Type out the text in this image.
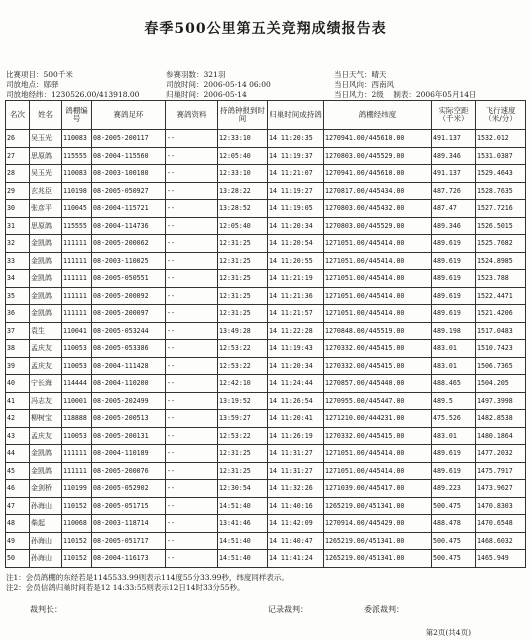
春季500公里第五关竞翔成绩报告表
比赛项目：500千米
司放地点：郧驿
司放地经纬：1230526.00/413918.00
参赛羽数：321羽
司放时间：2006-05-14 06:00
归巢时间：2006-05-14
当日天气：晴天
当日风向：西南风
当日风力：2级 制表：2006年05月14日
名次	姓名	鸽棚编号	赛鸽足环	赛鸽资料	持鸽钟报到时间	归巢时间成持鸽	鸽棚经纬度	实际空距（千米）	飞行速度（米/分）
26	吴玉光	110083	08-2005-200117	--	12:33:10	14 11:20:35	1270941.00/445610.00	491.137	1532.012
27	思原鸽	115555	08-2004-115560	--	12:05:40	14 11:19:37	1270803.00/445529.00	489.346	1531.0387
28	吴玉光	110083	08-2003-100180	--	12:33:10	14 11:21:07	1270941.00/445610.00	491.137	1529.4643
29	玄兆臣	110198	08-2005-050927	--	13:28:22	14 11:19:27	1270817.00/445434.00	487.726	1528.7635
30	张彦平	110045	08-2004-115721	--	13:28:52	14 11:19:05	1270803.00/445432.00	487.47	1527.7216
31	思原鸽	115555	08-2004-114736	--	12:05:40	14 11:20:34	1270803.00/445529.00	489.346	1526.5015
32	金凯鸽	111111	08-2005-200062	--	12:31:25	14 11:20:54	1271051.00/445414.00	489.619	1525.7682
33	金凯鸽	111111	08-2003-110025	--	12:31:25	14 11:20:55	1271051.00/445414.00	489.619	1524.8985
34	金凯鸽	111111	08-2005-050551	--	12:31:25	14 11:21:19	1271051.00/445414.00	489.619	1523.788
35	金凯鸽	111111	08-2005-200092	--	12:31:25	14 11:21:36	1271051.00/445414.00	489.619	1522.4471
36	金凯鸽	111111	08-2005-200097	--	12:31:25	14 11:21:57	1271051.00/445414.00	489.619	1521.4206
37	袁生	110041	08-2005-053244	--	13:49:28	14 11:22:28	1270848.00/445519.00	489.198	1517.0483
38	孟庆友	110053	08-2005-053386	--	12:53:22	14 11:19:43	1270332.00/445415.00	483.01	1510.7423
39	孟庆友	110053	08-2004-111428	--	12:53:22	14 11:20:34	1270332.00/445415.00	483.01	1506.7365
40	宁长海	114444	08-2004-110200	--	12:42:10	14 11:24:44	1270857.00/445440.00	488.465	1504.205
41	冯志友	110001	08-2005-202499	--	13:19:52	14 11:26:54	1270955.00/445447.00	489.5	1497.3998
42	柳树宝	118888	08-2005-200513	--	13:59:27	14 11:20:41	1271210.00/444231.00	475.526	1482.8538
43	孟庆友	110053	08-2005-200131	--	12:53:22	14 11:26:19	1270332.00/445415.00	483.01	1480.1864
44	金凯鸽	111111	08-2004-110189	--	12:31:25	14 11:31:27	1271051.00/445414.00	489.619	1477.2032
45	金凯鸽	111111	08-2005-200076	--	12:31:25	14 11:31:27	1271051.00/445414.00	489.619	1475.7917
46	金剑桥	110199	08-2005-052902	--	12:30:54	14 11:32:26	1271039.00/445417.00	489.223	1473.9627
47	孙海山	110152	08-2005-051715	--	14:51:40	14 11:40:16	1265219.00/451341.00	500.475	1470.8303
48	柴起	110068	08-2003-118714	--	13:41:46	14 11:42:09	1270914.00/445429.00	488.478	1470.6548
49	孙海山	110152	08-2005-051717	--	14:51:40	14 11:40:47	1265219.00/451341.00	500.475	1468.6032
50	孙海山	110152	08-2004-116173	--	14:51:40	14 11:41:24	1265219.00/451341.00	500.475	1465.949
注1：会员鸽棚的东经若是1145533.99则表示114度55分33.99秒，纬度同样表示。
注2：会员信鸽归巢时间若是12 14:33:55则表示12日14时33分55秒。
裁判长：	记录裁判：	委派裁判：
第2页(共4页)
